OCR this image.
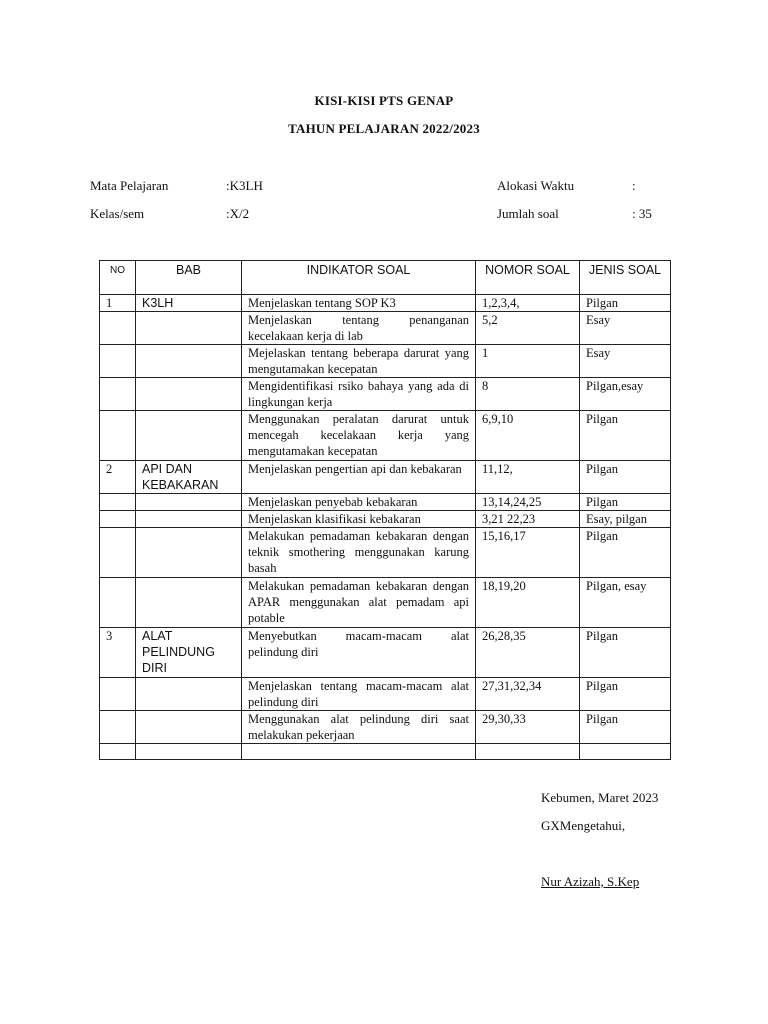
KISI-KISI PTS GENAP
TAHUN PELAJARAN 2022/2023
Mata Pelajaran	:K3LH
Kelas/sem	:X/2
Alokasi Waktu	:
Jumlah soal	: 35
NO	BAB	INDIKATOR SOAL	NOMOR SOAL	JENIS SOAL
1	K3LH	Menjelaskan tentang SOP K3	1,2,3,4,	Pilgan
		Menjelaskan tentang penanganan kecelakaan kerja di lab	5,2	Esay
		Mejelaskan tentang beberapa darurat yang mengutamakan kecepatan	1	Esay
		Mengidentifikasi rsiko bahaya yang ada di lingkungan kerja	8	Pilgan,esay
		Menggunakan peralatan darurat untuk mencegah kecelakaan kerja yang mengutamakan kecepatan	6,9,10	Pilgan
2	API DAN KEBAKARAN	Menjelaskan pengertian api dan kebakaran	11,12,	Pilgan
		Menjelaskan penyebab kebakaran	13,14,24,25	Pilgan
		Menjelaskan klasifikasi kebakaran	3,21 22,23	Esay, pilgan
		Melakukan pemadaman kebakaran dengan teknik smothering menggunakan karung basah	15,16,17	Pilgan
		Melakukan pemadaman kebakaran dengan APAR menggunakan alat pemadam api potable	18,19,20	Pilgan, esay
3	ALAT PELINDUNG DIRI	Menyebutkan macam-macam alat pelindung diri	26,28,35	Pilgan
		Menjelaskan tentang macam-macam alat pelindung diri	27,31,32,34	Pilgan
		Menggunakan alat pelindung diri saat melakukan pekerjaan	29,30,33	Pilgan

Kebumen, Maret 2023
GXMengetahui,
Nur Azizah, S.Kep
